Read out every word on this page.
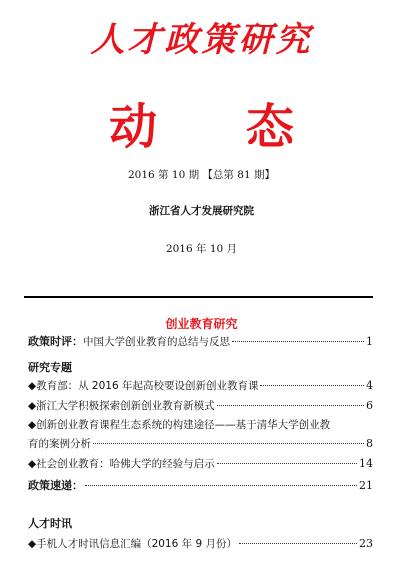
人才政策研究
动 态
2016 第 10 期 【总第 81 期】
浙江省人才发展研究院
2016 年 10 月
创业教育研究
政策时评： 中国大学创业教育的总结与反思	1
研究专题
◆教育部：从 2016 年起高校要设创新创业教育课	4
◆浙江大学积极探索创新创业教育新模式	6
◆创新创业教育课程生态系统的构建途径——基于清华大学创业教
育的案例分析	8
◆社会创业教育：哈佛大学的经验与启示	14
政策速递：	21
人才时讯
◆手机人才时讯信息汇编（2016 年 9 月份）	23
